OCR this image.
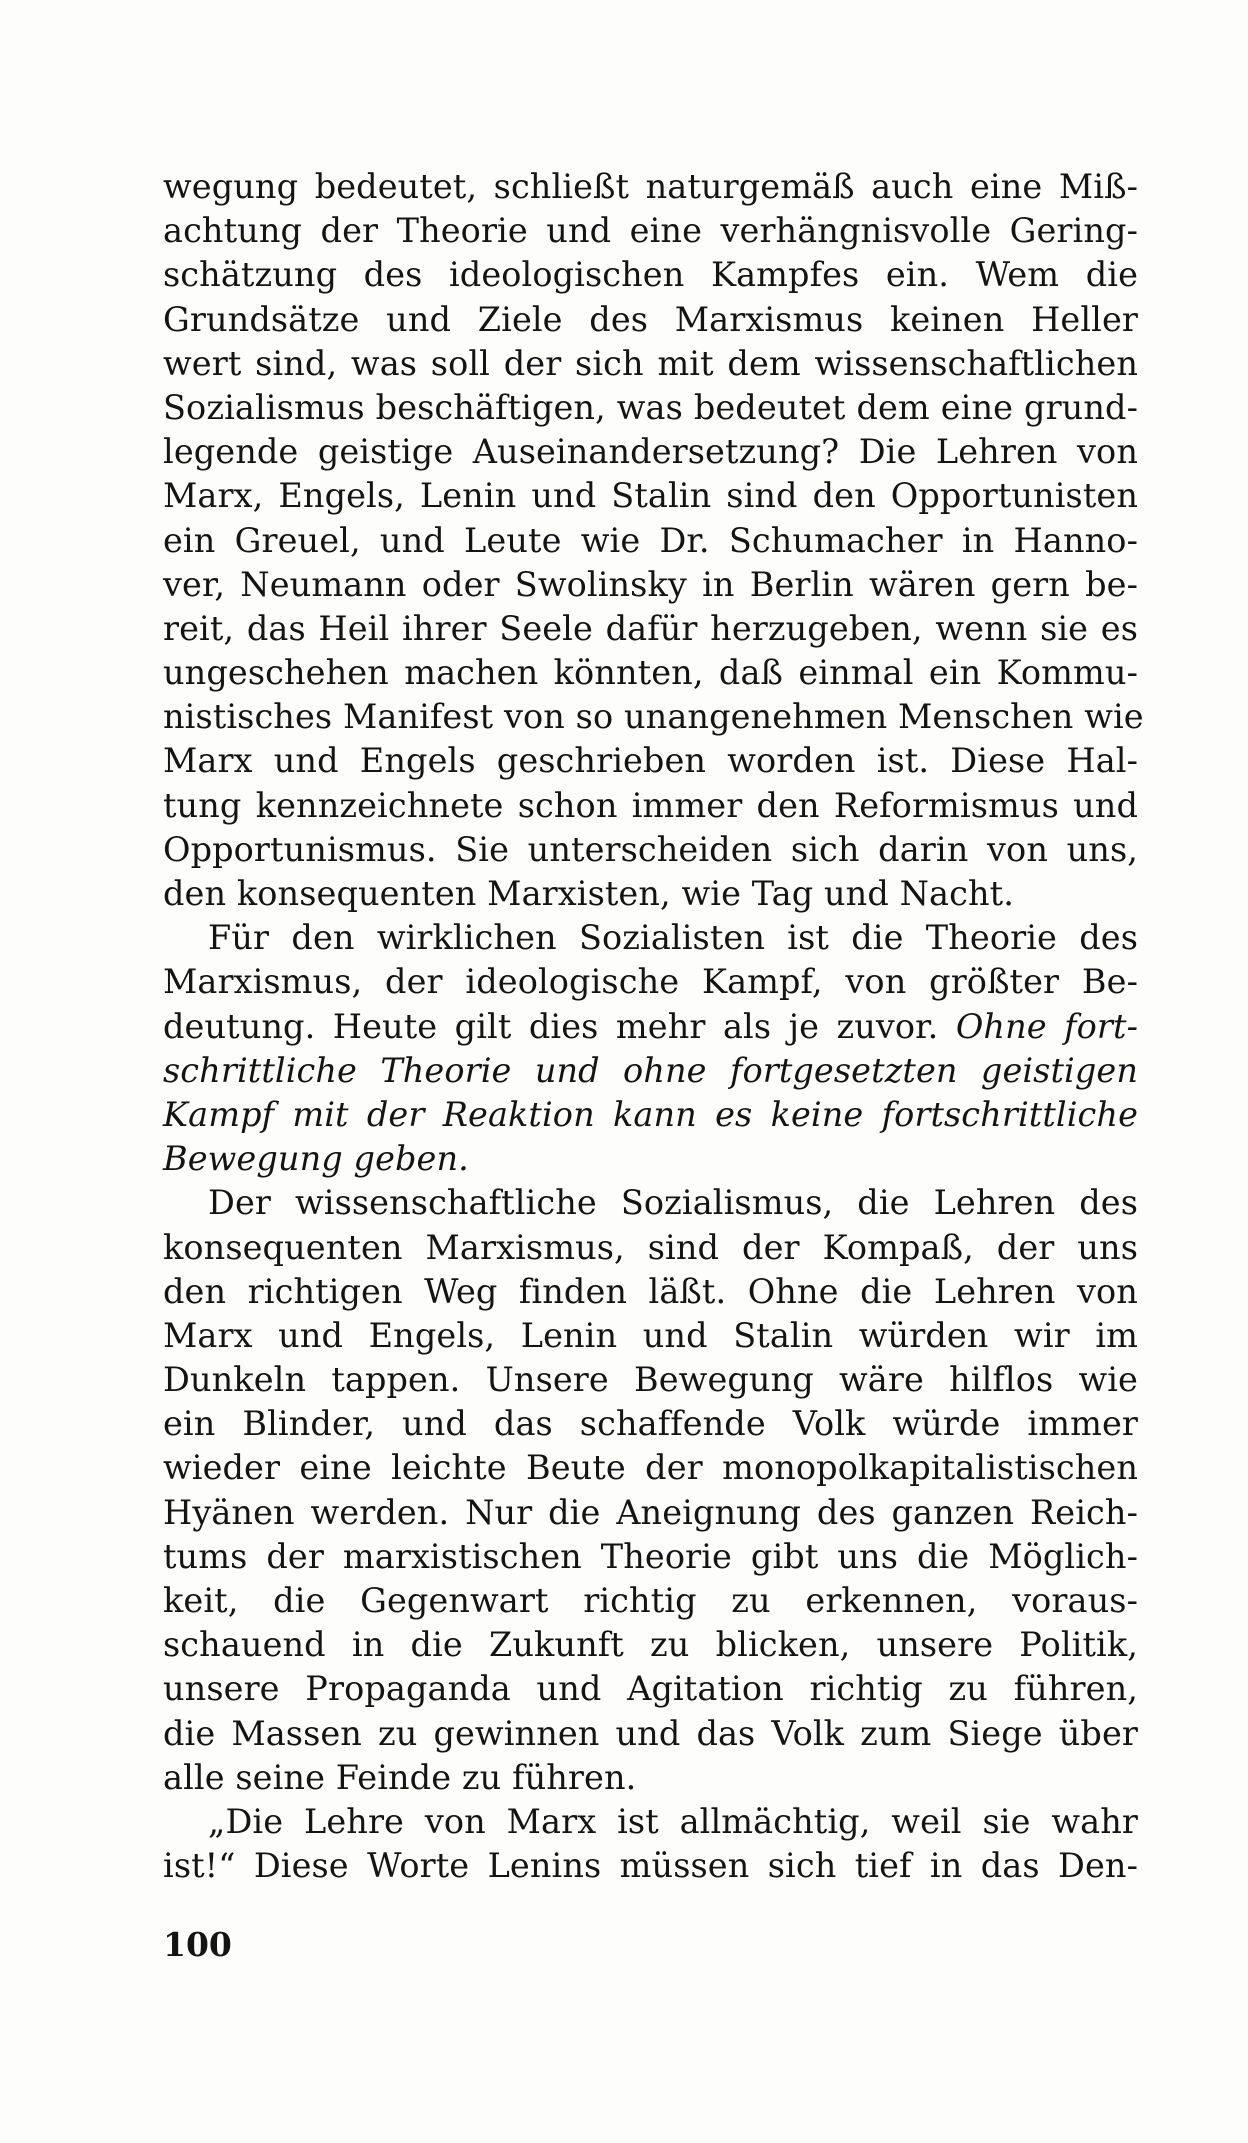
wegung bedeutet, schließt naturgemäß auch eine Miß-
achtung der Theorie und eine verhängnisvolle Gering-
schätzung des ideologischen Kampfes ein. Wem die
Grundsätze und Ziele des Marxismus keinen Heller
wert sind, was soll der sich mit dem wissenschaftlichen
Sozialismus beschäftigen, was bedeutet dem eine grund-
legende geistige Auseinandersetzung? Die Lehren von
Marx, Engels, Lenin und Stalin sind den Opportunisten
ein Greuel, und Leute wie Dr. Schumacher in Hanno-
ver, Neumann oder Swolinsky in Berlin wären gern be-
reit, das Heil ihrer Seele dafür herzugeben, wenn sie es
ungeschehen machen könnten, daß einmal ein Kommu-
nistisches Manifest von so unangenehmen Menschen wie
Marx und Engels geschrieben worden ist. Diese Hal-
tung kennzeichnete schon immer den Reformismus und
Opportunismus. Sie unterscheiden sich darin von uns,
den konsequenten Marxisten, wie Tag und Nacht.
Für den wirklichen Sozialisten ist die Theorie des
Marxismus, der ideologische Kampf, von größter Be-
deutung. Heute gilt dies mehr als je zuvor. Ohne fort-
schrittliche Theorie und ohne fortgesetzten geistigen
Kampf mit der Reaktion kann es keine fortschrittliche
Bewegung geben.
Der wissenschaftliche Sozialismus, die Lehren des
konsequenten Marxismus, sind der Kompaß, der uns
den richtigen Weg finden läßt. Ohne die Lehren von
Marx und Engels, Lenin und Stalin würden wir im
Dunkeln tappen. Unsere Bewegung wäre hilflos wie
ein Blinder, und das schaffende Volk würde immer
wieder eine leichte Beute der monopolkapitalistischen
Hyänen werden. Nur die Aneignung des ganzen Reich-
tums der marxistischen Theorie gibt uns die Möglich-
keit, die Gegenwart richtig zu erkennen, voraus-
schauend in die Zukunft zu blicken, unsere Politik,
unsere Propaganda und Agitation richtig zu führen,
die Massen zu gewinnen und das Volk zum Siege über
alle seine Feinde zu führen.
„Die Lehre von Marx ist allmächtig, weil sie wahr
ist!“ Diese Worte Lenins müssen sich tief in das Den-
100
